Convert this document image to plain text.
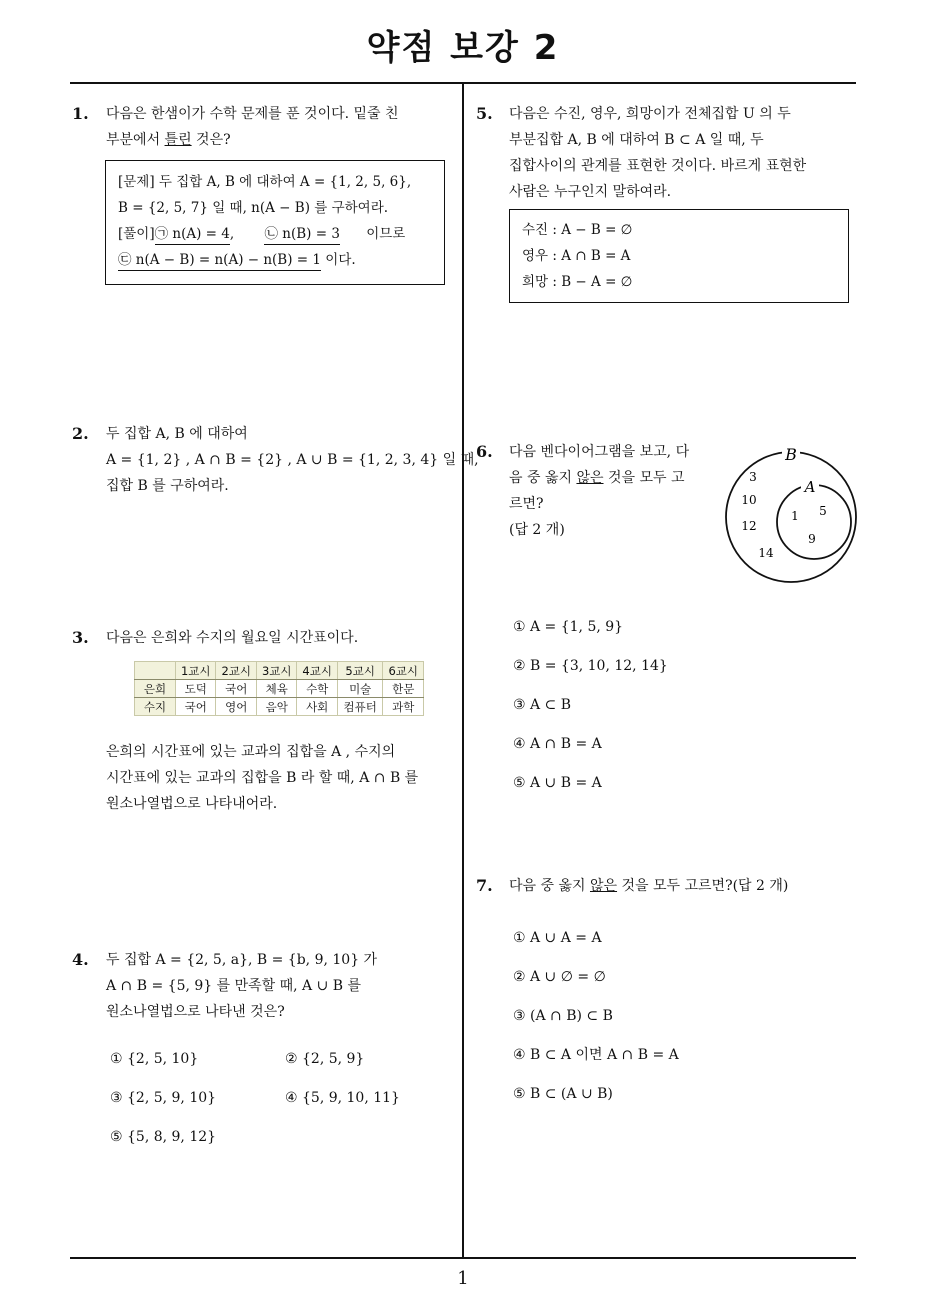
약점 보강 2
1
1. 다음은 한샘이가 수학 문제를 푼 것이다. 밑줄 친
부분에서 틀린 것은?
[문제] 두 집합 A, B 에 대하여 A = {1, 2, 5, 6},
B = {2, 5, 7} 일 때, n(A − B) 를 구하여라.
[풀이]㉠ n(A) = 4, ㉡ n(B) = 3 이므로
㉢ n(A − B) = n(A) − n(B) = 1 이다.
2. 두 집합 A, B 에 대하여
A = {1, 2} , A ∩ B = {2} , A ∪ B = {1, 2, 3, 4} 일 때,
집합 B 를 구하여라.
3. 다음은 은희와 수지의 월요일 시간표이다.
	1교시	2교시	3교시	4교시	5교시	6교시
은희	도덕	국어	체육	수학	미술	한문
수지	국어	영어	음악	사회	컴퓨터	과학
은희의 시간표에 있는 교과의 집합을 A , 수지의
시간표에 있는 교과의 집합을 B 라 할 때, A ∩ B 를
원소나열법으로 나타내어라.
4. 두 집합 A = {2, 5, a}, B = {b, 9, 10} 가
A ∩ B = {5, 9} 를 만족할 때, A ∪ B 를
원소나열법으로 나타낸 것은?
① {2, 5, 10}	② {2, 5, 9}
③ {2, 5, 9, 10}	④ {5, 9, 10, 11}
⑤ {5, 8, 9, 12}
5. 다음은 수진, 영우, 희망이가 전체집합 U 의 두
부분집합 A, B 에 대하여 B ⊂ A 일 때, 두
집합사이의 관계를 표현한 것이다. 바르게 표현한
사람은 누구인지 말하여라.
수진 : A − B = ∅
영우 : A ∩ B = A
희망 : B − A = ∅
6. 다음 벤다이어그램을 보고, 다
음 중 옳지 않은 것을 모두 고
르면?
(답 2 개)
B
A
3
10
12
14
1 5
9
① A = {1, 5, 9}
② B = {3, 10, 12, 14}
③ A ⊂ B
④ A ∩ B = A
⑤ A ∪ B = A
7. 다음 중 옳지 않은 것을 모두 고르면?(답 2 개)
① A ∪ A = A
② A ∪ ∅ = ∅
③ (A ∩ B) ⊂ B
④ B ⊂ A 이면 A ∩ B = A
⑤ B ⊂ (A ∪ B)
